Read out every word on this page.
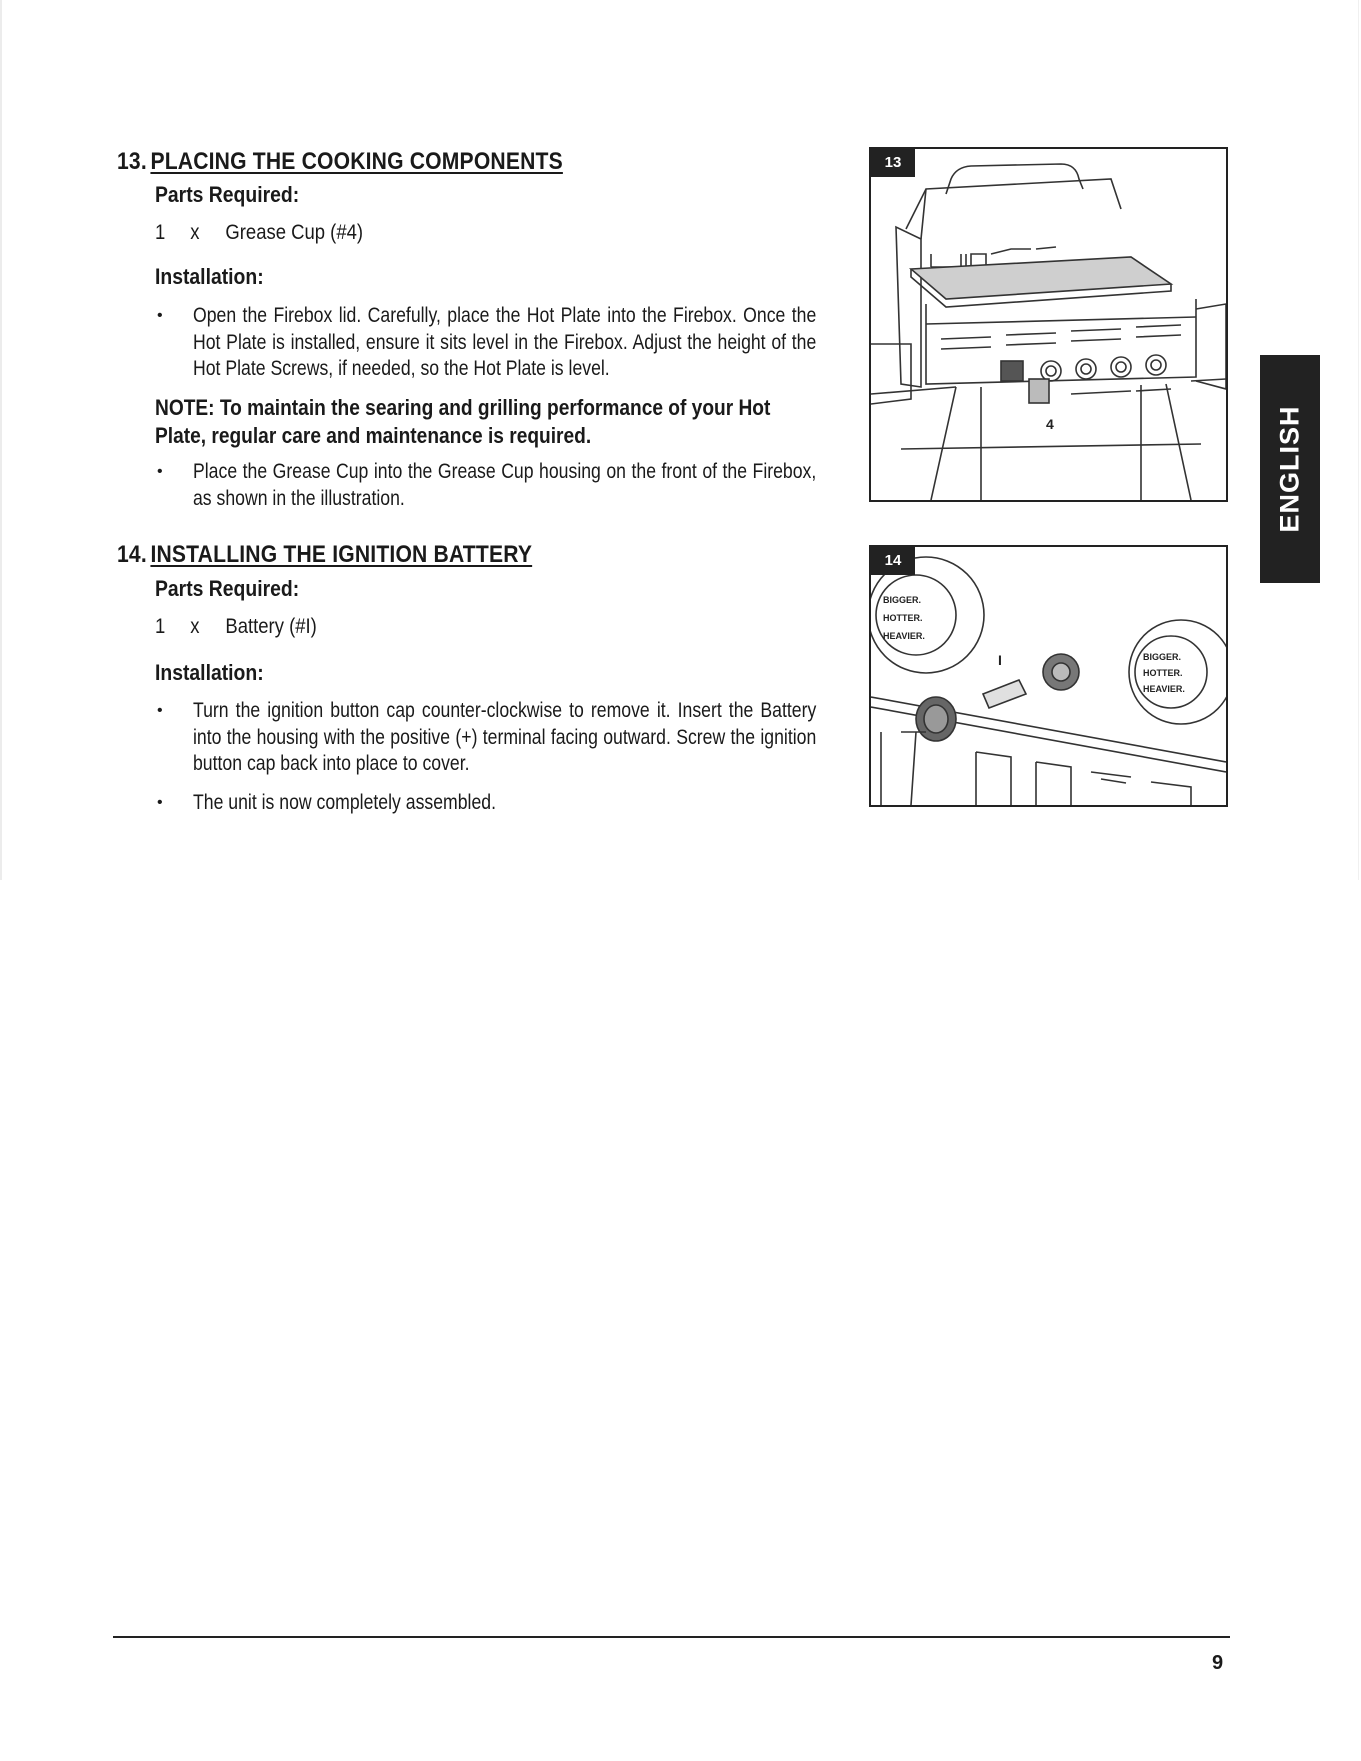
13. PLACING THE COOKING COMPONENTS
Parts Required:
1 x Grease Cup (#4)
Installation:
• Open the Firebox lid. Carefully, place the Hot Plate into the Firebox. Once the Hot Plate is installed, ensure it sits level in the Firebox. Adjust the height of the Hot Plate Screws, if needed, so the Hot Plate is level.
NOTE: To maintain the searing and grilling performance of your Hot Plate, regular care and maintenance is required.
• Place the Grease Cup into the Grease Cup housing on the front of the Firebox, as shown in the illustration.
14. INSTALLING THE IGNITION BATTERY
Parts Required:
1 x Battery (#I)
Installation:
• Turn the ignition button cap counter-clockwise to remove it. Insert the Battery into the housing with the positive (+) terminal facing outward. Screw the ignition button cap back into place to cover.
• The unit is now completely assembled.
4
13
BIGGER.
HOTTER.
HEAVIER.
BIGGER.
HOTTER.
HEAVIER.
I
14
ENGLISH
9
